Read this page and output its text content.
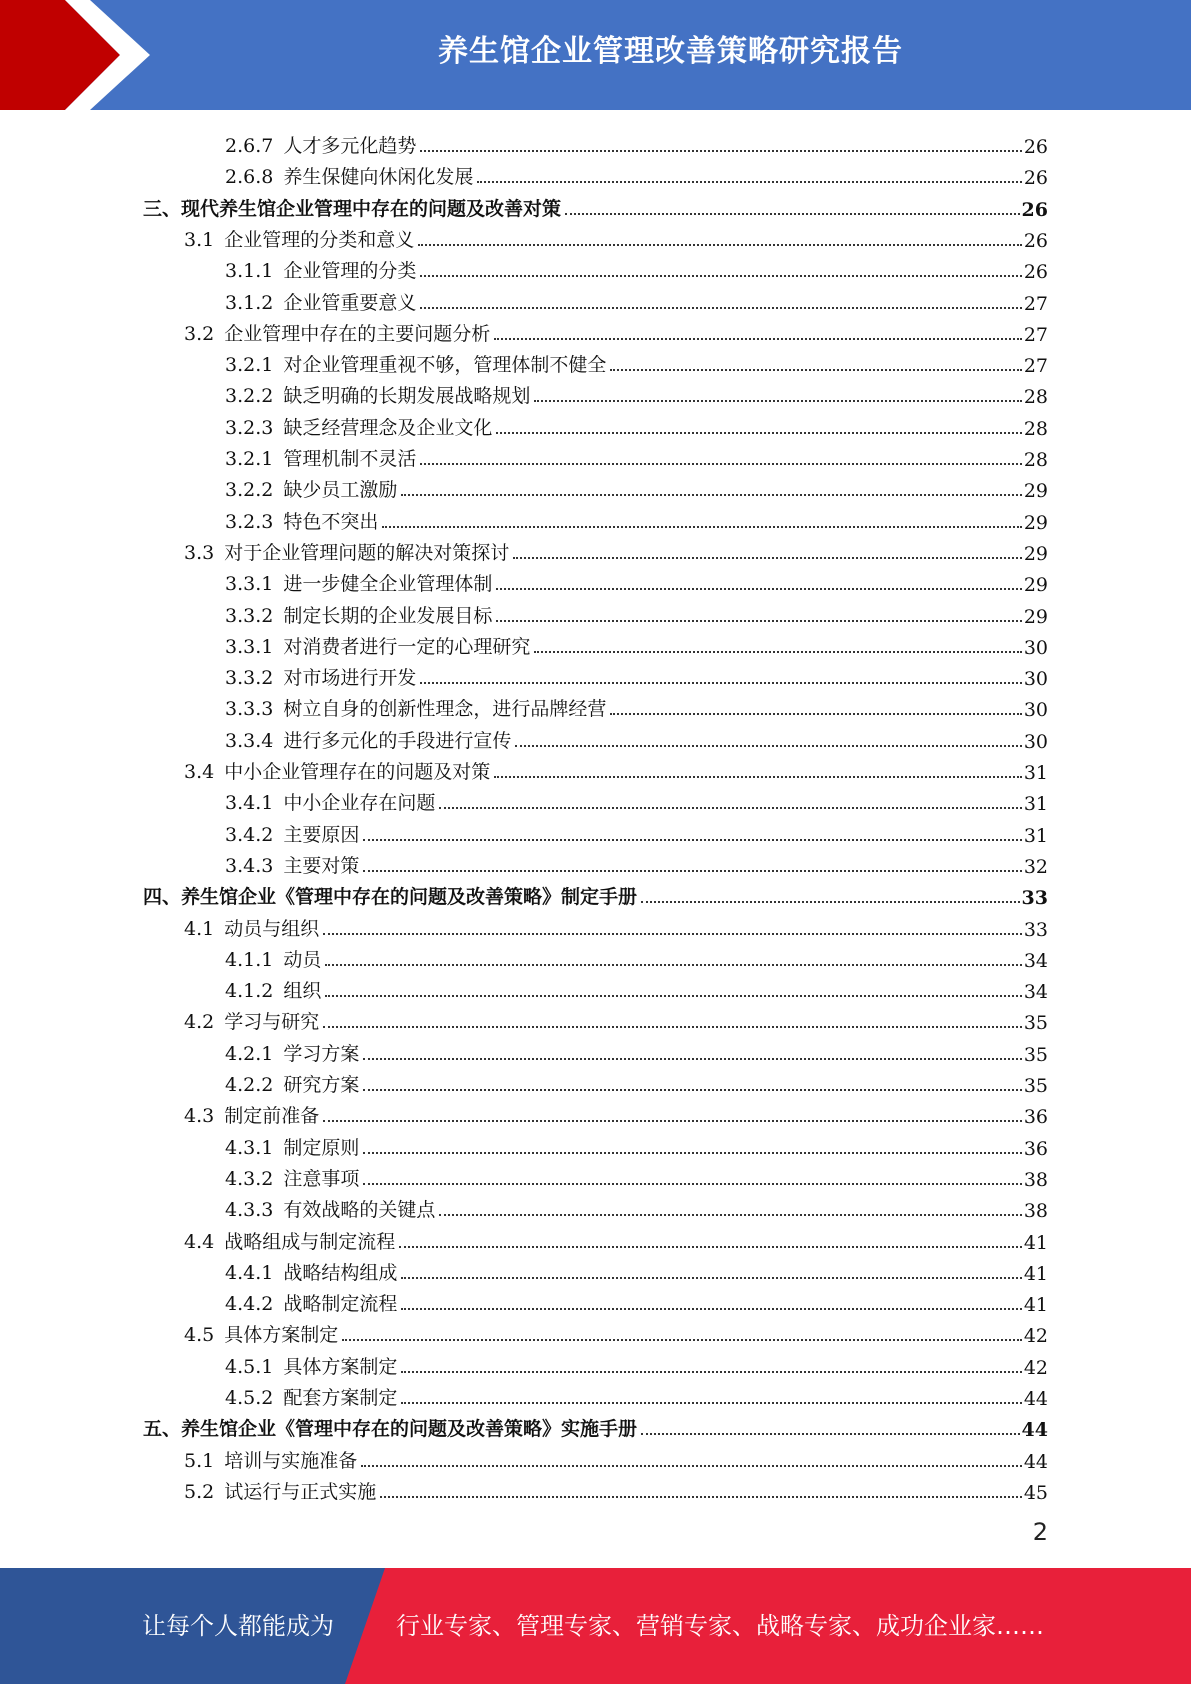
养生馆企业管理改善策略研究报告
2.6.7 人才多元化趋势	26
2.6.8 养生保健向休闲化发展	26
三、现代养生馆企业管理中存在的问题及改善对策	26
3.1 企业管理的分类和意义	26
3.1.1 企业管理的分类	26
3.1.2 企业管重要意义	27
3.2 企业管理中存在的主要问题分析	27
3.2.1 对企业管理重视不够，管理体制不健全	27
3.2.2 缺乏明确的长期发展战略规划	28
3.2.3 缺乏经营理念及企业文化	28
3.2.1 管理机制不灵活	28
3.2.2 缺少员工激励	29
3.2.3 特色不突出	29
3.3 对于企业管理问题的解决对策探讨	29
3.3.1 进一步健全企业管理体制	29
3.3.2 制定长期的企业发展目标	29
3.3.1 对消费者进行一定的心理研究	30
3.3.2 对市场进行开发	30
3.3.3 树立自身的创新性理念，进行品牌经营	30
3.3.4 进行多元化的手段进行宣传	30
3.4 中小企业管理存在的问题及对策	31
3.4.1 中小企业存在问题	31
3.4.2 主要原因	31
3.4.3 主要对策	32
四、养生馆企业《管理中存在的问题及改善策略》制定手册	33
4.1 动员与组织	33
4.1.1 动员	34
4.1.2 组织	34
4.2 学习与研究	35
4.2.1 学习方案	35
4.2.2 研究方案	35
4.3 制定前准备	36
4.3.1 制定原则	36
4.3.2 注意事项	38
4.3.3 有效战略的关键点	38
4.4 战略组成与制定流程	41
4.4.1 战略结构组成	41
4.4.2 战略制定流程	41
4.5 具体方案制定	42
4.5.1 具体方案制定	42
4.5.2 配套方案制定	44
五、养生馆企业《管理中存在的问题及改善策略》实施手册	44
5.1 培训与实施准备	44
5.2 试运行与正式实施	45
2
让每个人都能成为	行业专家、管理专家、营销专家、战略专家、成功企业家……
